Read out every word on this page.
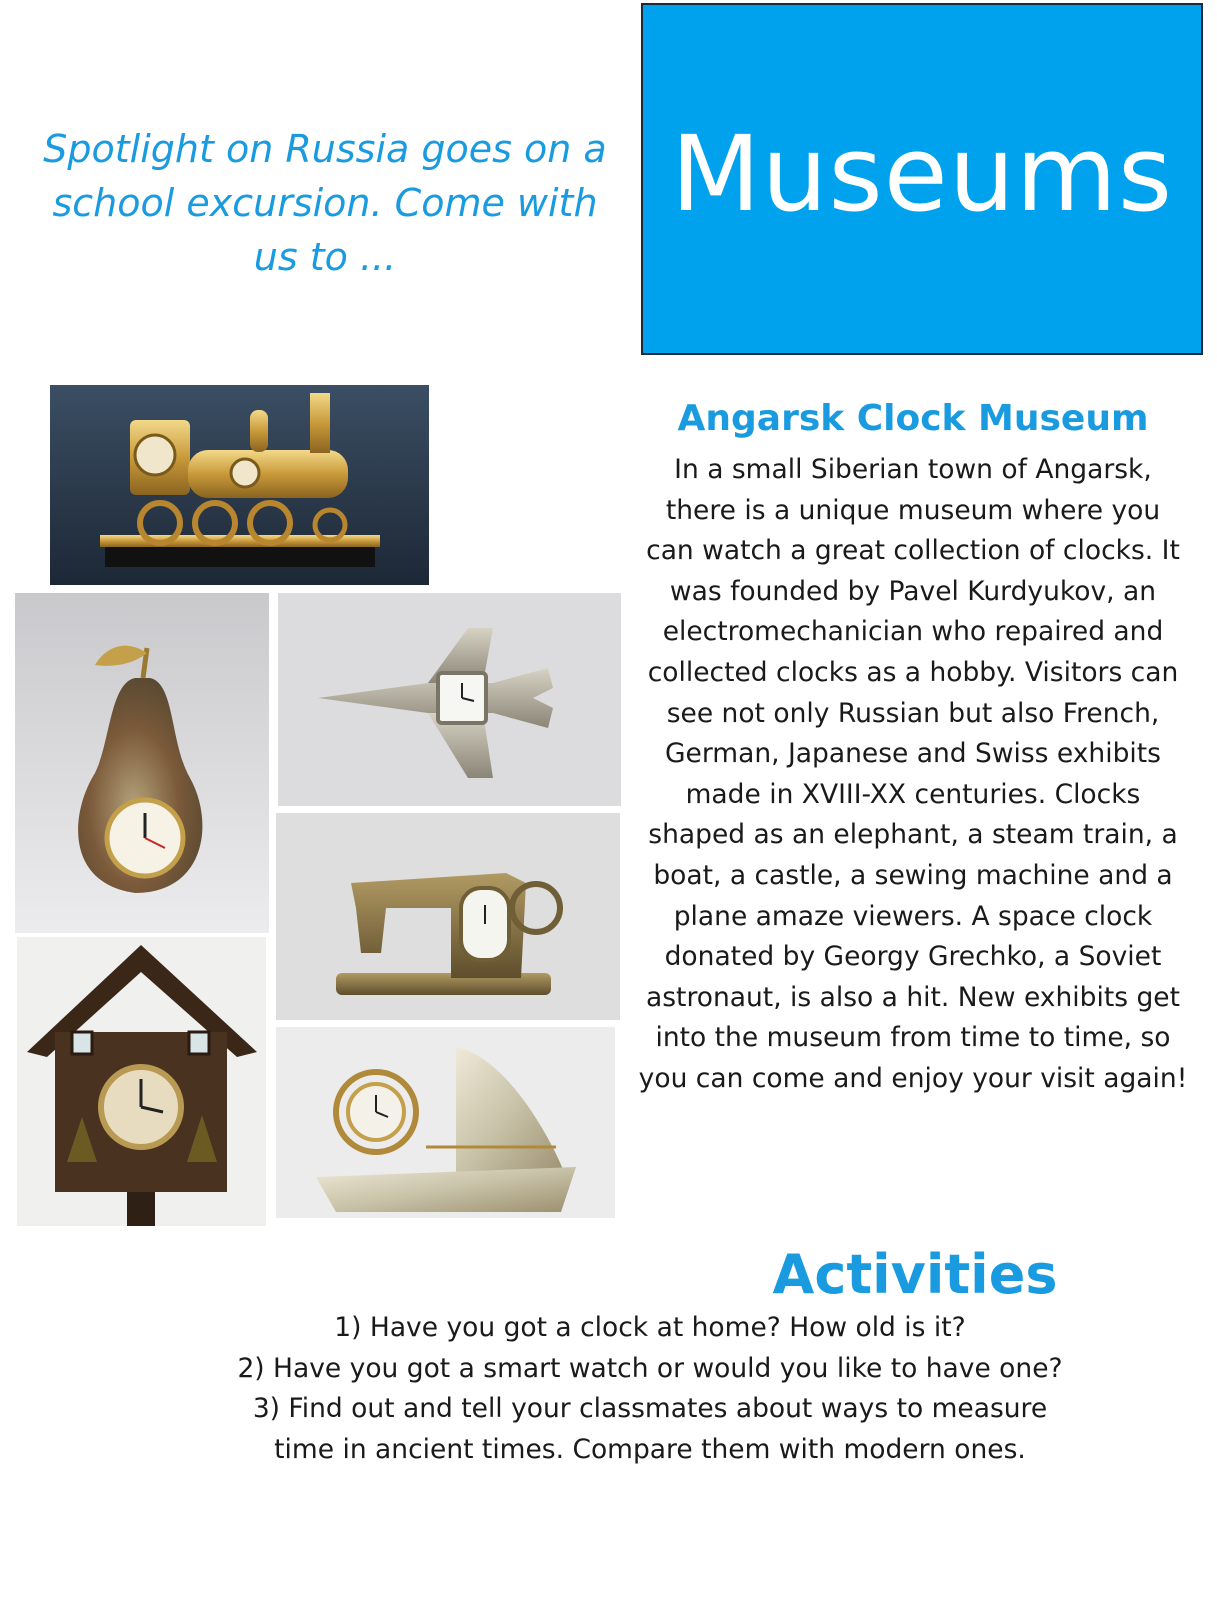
Spotlight on Russia goes on a school excursion. Come with us to ...
Museums
Angarsk Clock Museum

In a small Siberian town of Angarsk, there is a unique museum where you can watch a great collection of clocks. It was founded by Pavel Kurdyukov, an electromechanician who repaired and collected clocks as a hobby. Visitors can see not only Russian but also French, German, Japanese and Swiss exhibits made in XVIII-XX centuries. Clocks shaped as an elephant, a steam train, a boat, a castle, a sewing machine and a plane amaze viewers. A space clock donated by Georgy Grechko, a Soviet astronaut, is also a hit. New exhibits get into the museum from time to time, so you can come and enjoy your visit again!

Activities
1) Have you got a clock at home? How old is it?
2) Have you got a smart watch or would you like to have one?
3) Find out and tell your classmates about ways to measure time in ancient times. Compare them with modern ones.
